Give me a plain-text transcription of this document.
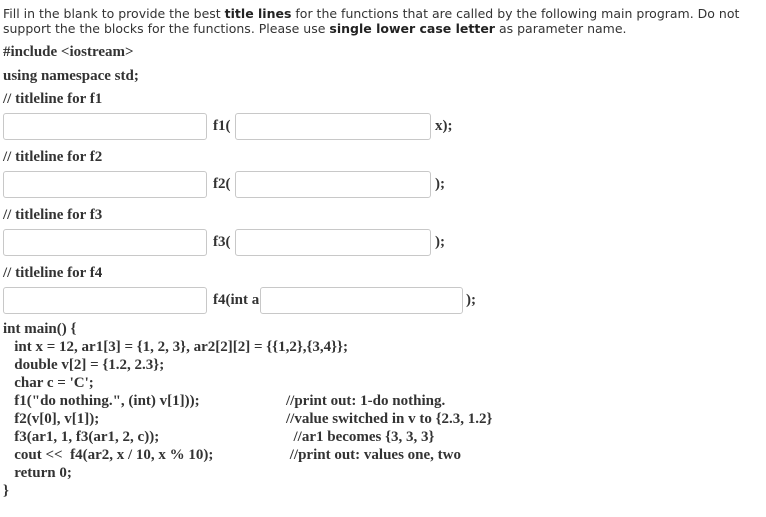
Fill in the blank to provide the best title lines for the functions that are called by the following main program. Do not support the the blocks for the functions. Please use single lower case letter as parameter name.
#include <iostream>
using namespace std;
// titleline for f1
f1(	x);
// titleline for f2
f2(	);
// titleline for f3
f3(	);
// titleline for f4
f4(int a	);
int main() {
int x = 12, ar1[3] = {1, 2, 3}, ar2[2][2] = {{1,2},{3,4}};
double v[2] = {1.2, 2.3};
char c = 'C';
f1("do nothing.", (int) v[1]));
f2(v[0], v[1]);
f3(ar1, 1, f3(ar1, 2, c));
cout <<  f4(ar2, x / 10, x % 10);
return 0;
}
//print out: 1-do nothing.
//value switched in v to {2.3, 1.2}
//ar1 becomes {3, 3, 3}
//print out: values one, two
